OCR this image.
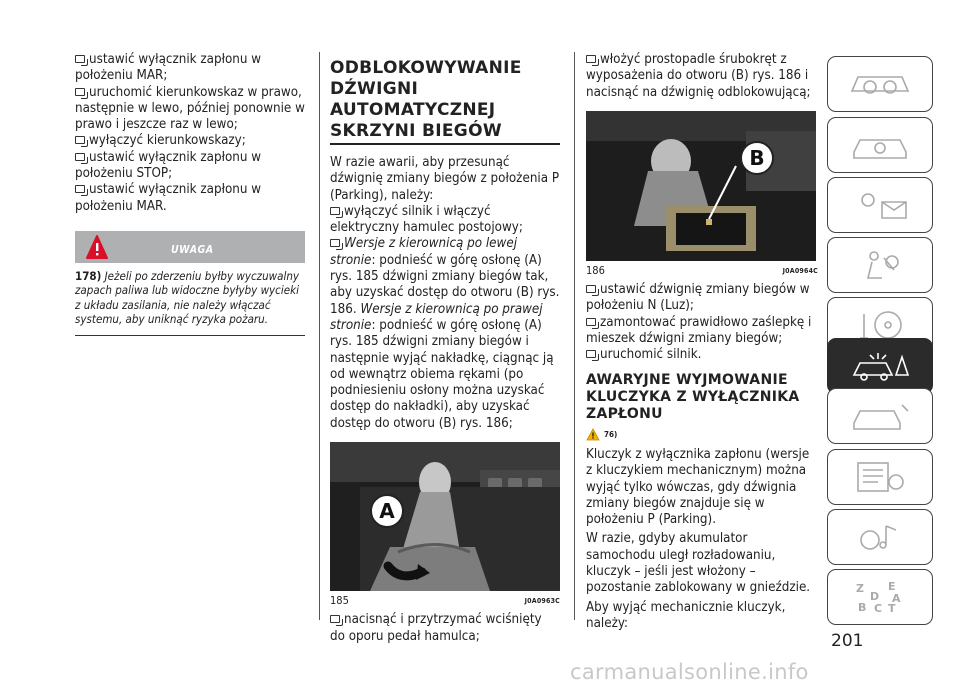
ustawić wyłącznik zapłonu w położeniu MAR;

uruchomić kierunkowskaz w prawo, następnie w lewo, później ponownie w prawo i jeszcze raz w lewo;

wyłączyć kierunkowskazy;

ustawić wyłącznik zapłonu w położeniu STOP;

ustawić wyłącznik zapłonu w położeniu MAR.

UWAGA
178) Jeżeli po zderzeniu byłby wyczuwalny zapach paliwa lub widoczne byłyby wycieki z układu zasilania, nie należy włączać systemu, aby uniknąć ryzyka pożaru.
ODBLOKOWYWANIE DŹWIGNI AUTOMATYCZNEJ SKRZYNI BIEGÓW

W razie awarii, aby przesunąć dźwignię zmiany biegów z położenia P (Parking), należy:

wyłączyć silnik i włączyć elektryczny hamulec postojowy;

Wersje z kierownicą po lewej stronie: podnieść w górę osłonę (A) rys. 185 dźwigni zmiany biegów tak, aby uzyskać dostęp do otworu (B) rys. 186. Wersje z kierownicą po prawej stronie: podnieść w górę osłonę (A) rys. 185 dźwigni zmiany biegów i następnie wyjąć nakładkę, ciągnąc ją od wewnątrz obiema rękami (po podniesieniu osłony można uzyskać dostęp do nakładki), aby uzyskać dostęp do otworu (B) rys. 186;

A
185	J0A0963C

nacisnąć i przytrzymać wciśnięty do oporu pedał hamulca;

włożyć prostopadle śrubokręt z wyposażenia do otworu (B) rys. 186 i nacisnąć na dźwignię odblokowującą;

B
186	J0A0964C

ustawić dźwignię zmiany biegów w położeniu N (Luz);

zamontować prawidłowo zaślepkę i mieszek dźwigni zmiany biegów;

uruchomić silnik.

AWARYJNE WYJMOWANIE KLUCZYKA Z WYŁĄCZNIKA ZAPŁONU
76)

Kluczyk z wyłącznika zapłonu (wersje z kluczykiem mechanicznym) można wyjąć tylko wówczas, gdy dźwignia zmiany biegów znajduje się w położeniu P (Parking).

W razie, gdyby akumulator samochodu uległ rozładowaniu, kluczyk – jeśli jest włożony – pozostanie zablokowany w gnieździe.

Aby wyjąć mechanicznie kluczyk, należy:

Z E
D A
B C T
201
carmanualsonline.info
